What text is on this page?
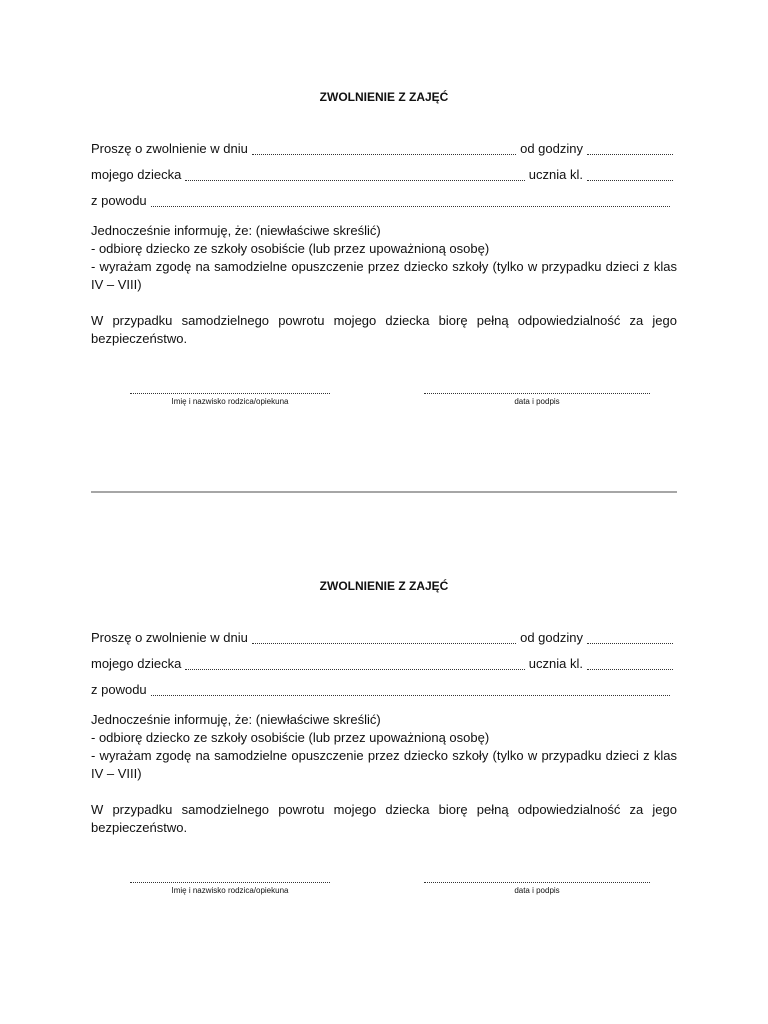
ZWOLNIENIE Z ZAJĘĆ
Proszę o zwolnienie w dniu	od godziny
mojego dziecka	ucznia kl.
z powodu
Jednocześnie informuję, że: (niewłaściwe skreślić)
- odbiorę dziecko ze szkoły osobiście (lub przez upoważnioną osobę)
- wyrażam zgodę na samodzielne opuszczenie przez dziecko szkoły (tylko w przypadku dzieci z klas IV – VIII)
W przypadku samodzielnego powrotu mojego dziecka biorę pełną odpowiedzialność za jego bezpieczeństwo.
Imię i nazwisko rodzica/opiekuna	data i podpis
ZWOLNIENIE Z ZAJĘĆ
Proszę o zwolnienie w dniu	od godziny
mojego dziecka	ucznia kl.
z powodu
Jednocześnie informuję, że: (niewłaściwe skreślić)
- odbiorę dziecko ze szkoły osobiście (lub przez upoważnioną osobę)
- wyrażam zgodę na samodzielne opuszczenie przez dziecko szkoły (tylko w przypadku dzieci z klas IV – VIII)
W przypadku samodzielnego powrotu mojego dziecka biorę pełną odpowiedzialność za jego bezpieczeństwo.
Imię i nazwisko rodzica/opiekuna	data i podpis
